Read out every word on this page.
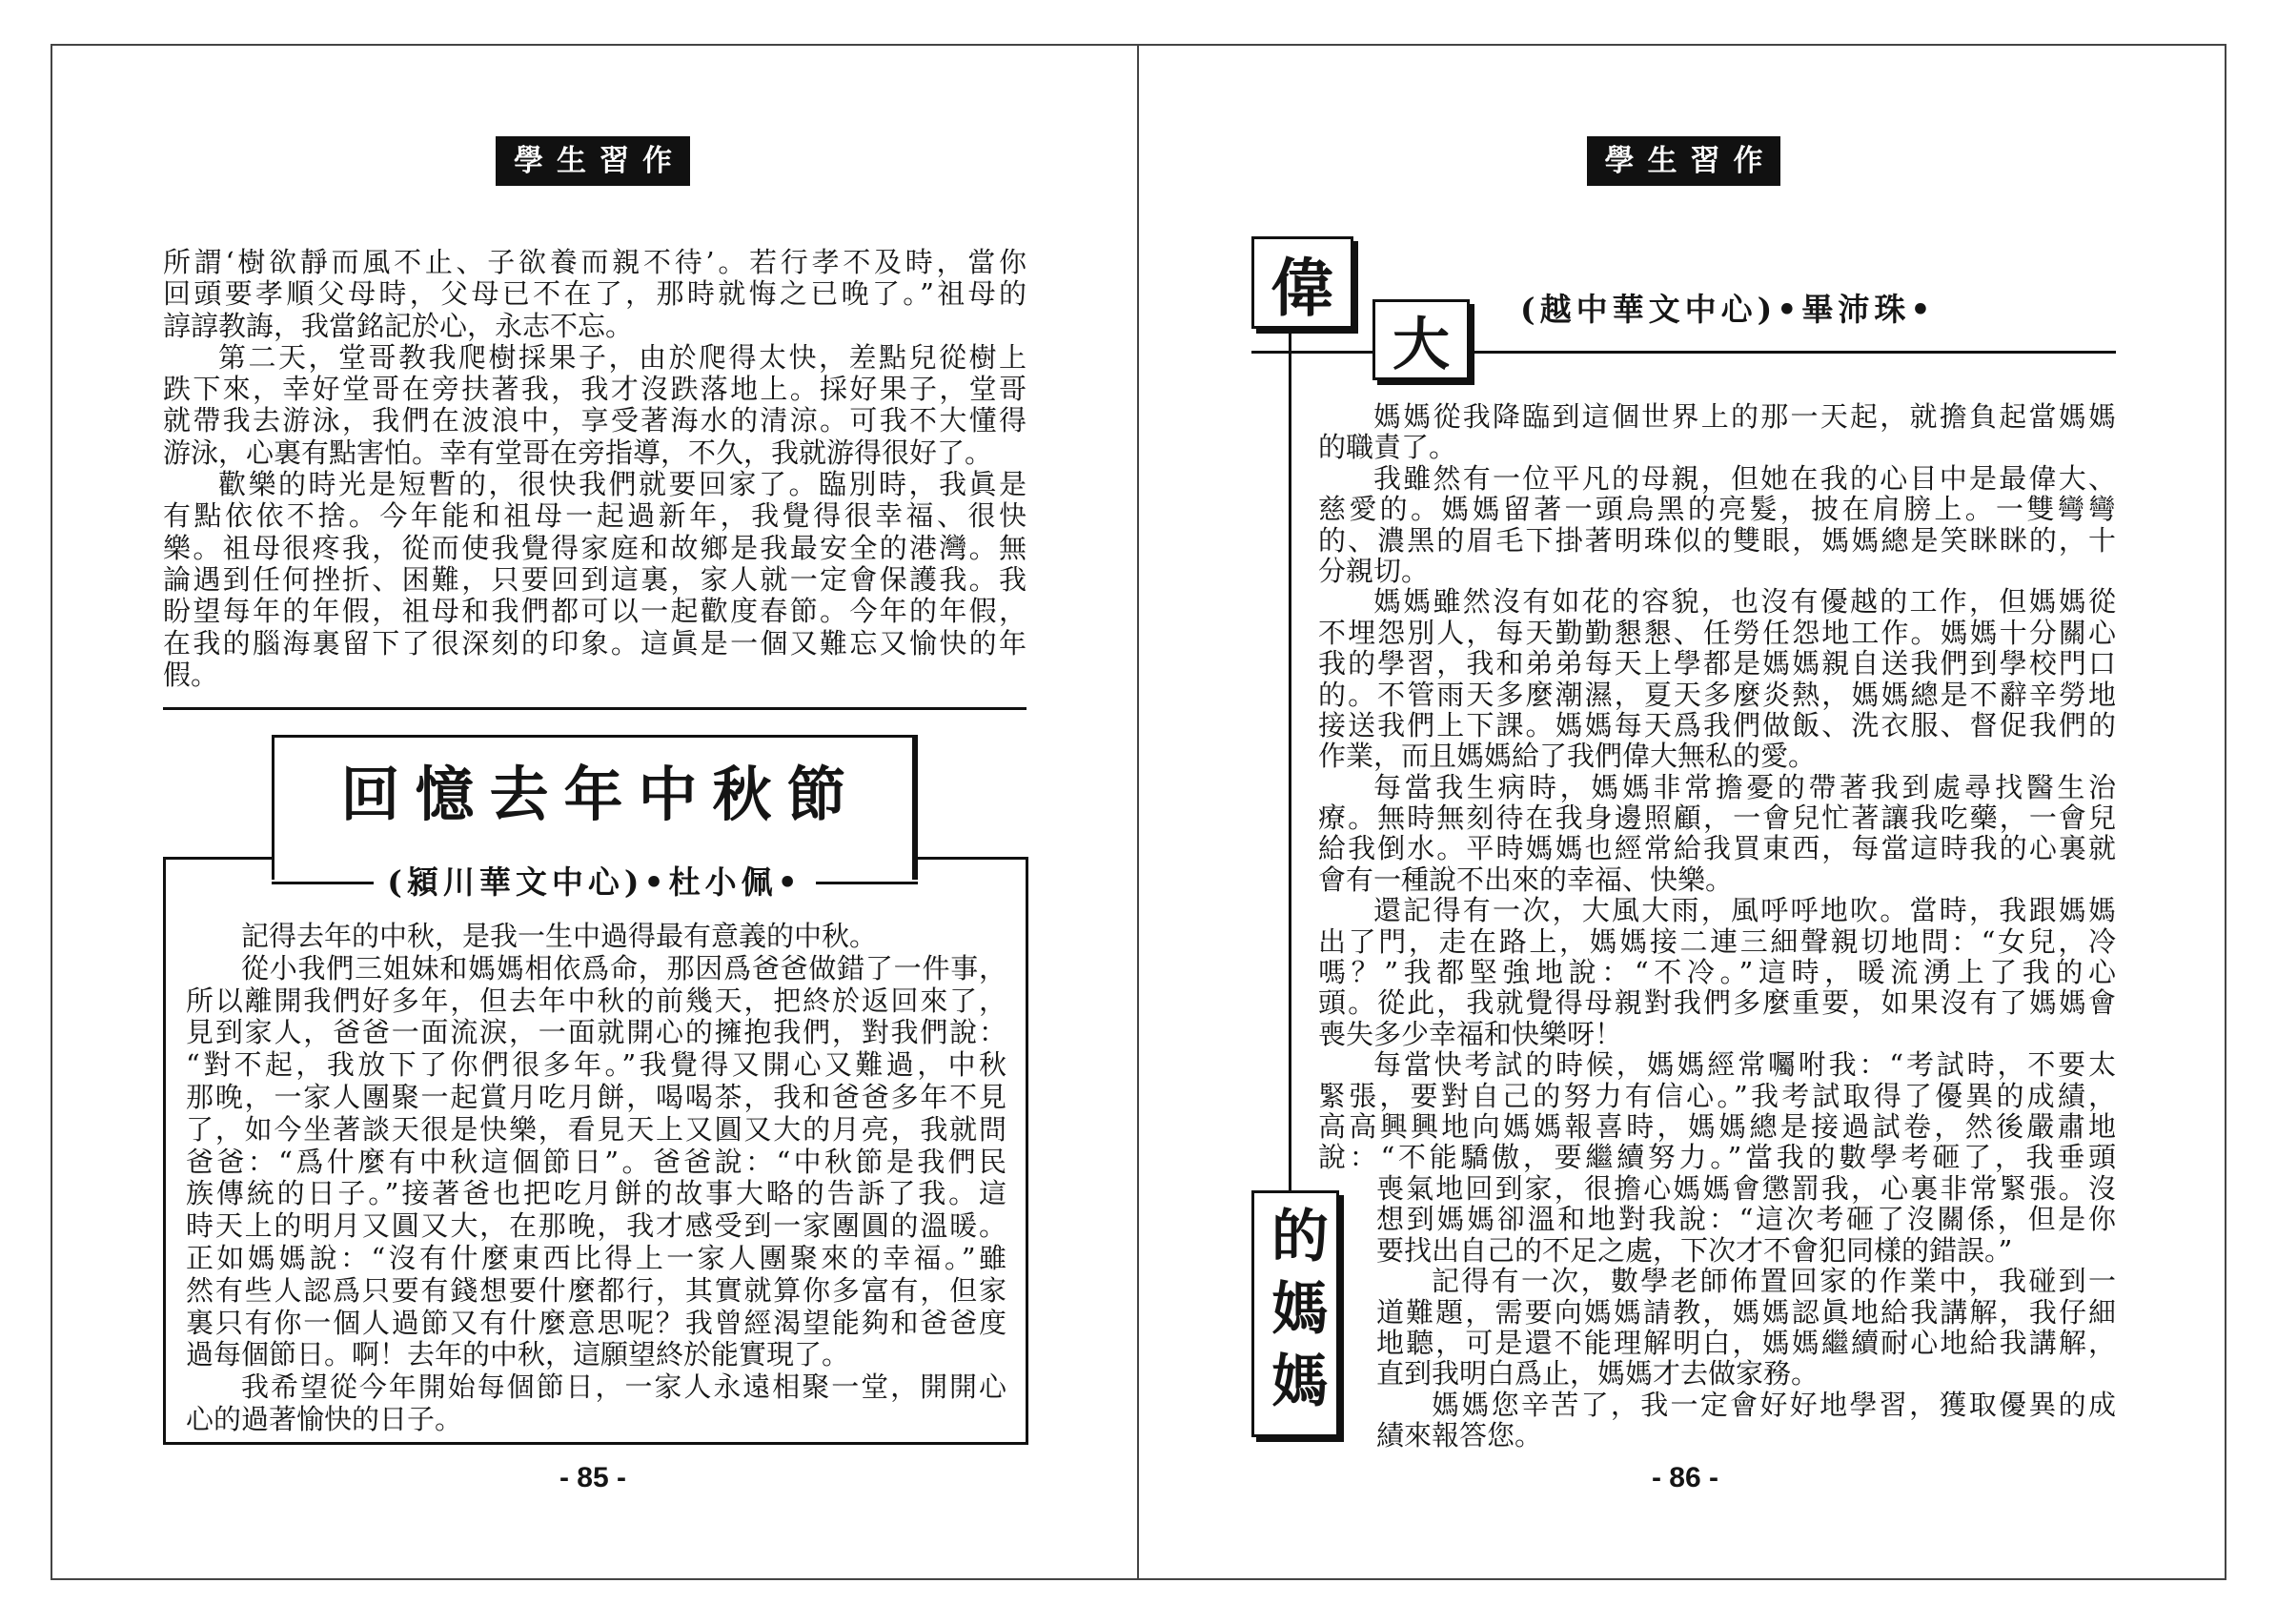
學生習作
所謂‘樹欲靜而風不止、子欲養而親不待’。若行孝不及時，當你
回頭要孝順父母時，父母已不在了，那時就悔之已晚了。”祖母的
諄諄教誨，我當銘記於心，永志不忘。
第二天，堂哥教我爬樹採果子，由於爬得太快，差點兒從樹上
跌下來，幸好堂哥在旁扶著我，我才沒跌落地上。採好果子，堂哥
就帶我去游泳，我們在波浪中，享受著海水的清涼。可我不大懂得
游泳，心裏有點害怕。幸有堂哥在旁指導，不久，我就游得很好了。
歡樂的時光是短暫的，很快我們就要回家了。臨別時，我眞是
有點依依不捨。今年能和祖母一起過新年，我覺得很幸福、很快
樂。祖母很疼我，從而使我覺得家庭和故鄉是我最安全的港灣。無
論遇到任何挫折、困難，只要回到這裏，家人就一定會保護我。我
盼望每年的年假，祖母和我們都可以一起歡度春節。今年的年假，
在我的腦海裏留下了很深刻的印象。這眞是一個又難忘又愉快的年
假。
回憶去年中秋節
(潁川華文中心)•杜小佩•
記得去年的中秋，是我一生中過得最有意義的中秋。
從小我們三姐妹和媽媽相依爲命，那因爲爸爸做錯了一件事，
所以離開我們好多年，但去年中秋的前幾天，把終於返回來了，
見到家人，爸爸一面流淚，一面就開心的擁抱我們，對我們說：
“對不起，我放下了你們很多年。”我覺得又開心又難過，中秋
那晚，一家人團聚一起賞月吃月餅，喝喝茶，我和爸爸多年不見
了，如今坐著談天很是快樂，看見天上又圓又大的月亮，我就問
爸爸：“爲什麼有中秋這個節日”。爸爸說：“中秋節是我們民
族傳統的日子。”接著爸也把吃月餅的故事大略的告訴了我。這
時天上的明月又圓又大，在那晚，我才感受到一家團圓的溫暖。
正如媽媽說：“沒有什麼東西比得上一家人團聚來的幸福。”雖
然有些人認爲只要有錢想要什麼都行，其實就算你多富有，但家
裏只有你一個人過節又有什麼意思呢？我曾經渴望能夠和爸爸度
過每個節日。啊！去年的中秋，這願望終於能實現了。
我希望從今年開始每個節日，一家人永遠相聚一堂，開開心
心的過著愉快的日子。
- 85 -
學生習作
偉
大
(越中華文中心)•畢沛珠•
的媽媽
媽媽從我降臨到這個世界上的那一天起，就擔負起當媽媽
的職責了。
我雖然有一位平凡的母親，但她在我的心目中是最偉大、
慈愛的。媽媽留著一頭烏黑的亮髮，披在肩膀上。一雙彎彎
的、濃黑的眉毛下掛著明珠似的雙眼，媽媽總是笑眯眯的，十
分親切。
媽媽雖然沒有如花的容貌，也沒有優越的工作，但媽媽從
不埋怨別人，每天勤勤懇懇、任勞任怨地工作。媽媽十分關心
我的學習，我和弟弟每天上學都是媽媽親自送我們到學校門口
的。不管雨天多麼潮濕，夏天多麼炎熱，媽媽總是不辭辛勞地
接送我們上下課。媽媽每天爲我們做飯、洗衣服、督促我們的
作業，而且媽媽給了我們偉大無私的愛。
每當我生病時，媽媽非常擔憂的帶著我到處尋找醫生治
療。無時無刻待在我身邊照顧，一會兒忙著讓我吃藥，一會兒
給我倒水。平時媽媽也經常給我買東西，每當這時我的心裏就
會有一種說不出來的幸福、快樂。
還記得有一次，大風大雨，風呼呼地吹。當時，我跟媽媽
出了門，走在路上，媽媽接二連三細聲親切地問：“女兒，冷
嗎？”我都堅強地說：“不冷。”這時，暖流湧上了我的心
頭。從此，我就覺得母親對我們多麼重要，如果沒有了媽媽會
喪失多少幸福和快樂呀！
每當快考試的時候，媽媽經常囑咐我：“考試時，不要太
緊張，要對自己的努力有信心。”我考試取得了優異的成績，
高高興興地向媽媽報喜時，媽媽總是接過試卷，然後嚴肅地
說：“不能驕傲，要繼續努力。”當我的數學考砸了，我垂頭
喪氣地回到家，很擔心媽媽會懲罰我，心裏非常緊張。沒
想到媽媽卻溫和地對我說：“這次考砸了沒關係，但是你
要找出自己的不足之處，下次才不會犯同樣的錯誤。”
記得有一次，數學老師佈置回家的作業中，我碰到一
道難題，需要向媽媽請教，媽媽認眞地給我講解，我仔細
地聽，可是還不能理解明白，媽媽繼續耐心地給我講解，
直到我明白爲止，媽媽才去做家務。
媽媽您辛苦了，我一定會好好地學習，獲取優異的成
績來報答您。
- 86 -
